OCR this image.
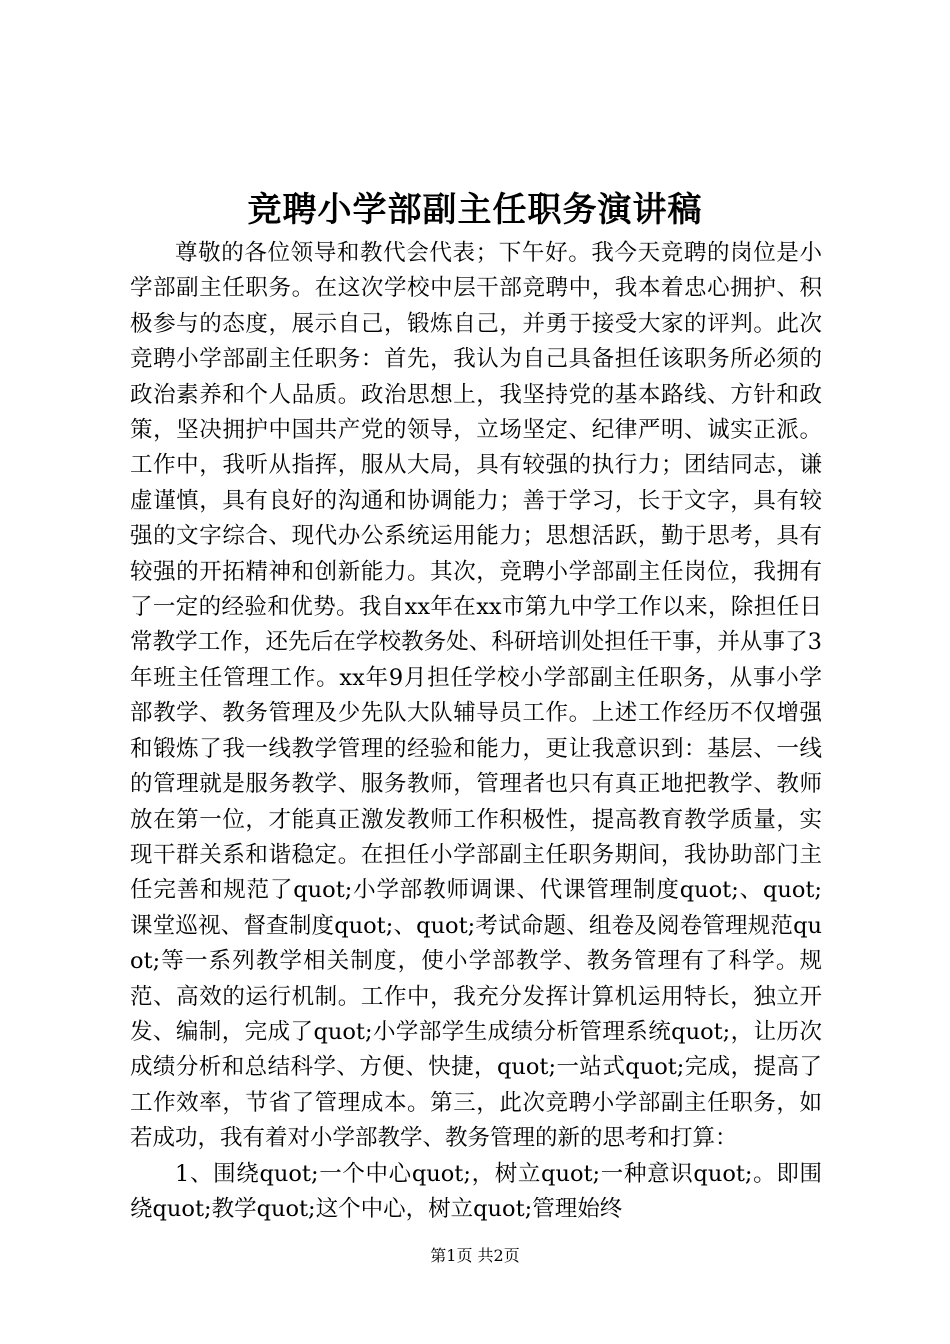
竞聘小学部副主任职务演讲稿

尊敬的各位领导和教代会代表；下午好。我今天竞聘的岗位是小学部副主任职务。在这次学校中层干部竞聘中，我本着忠心拥护、积极参与的态度，展示自己，锻炼自己，并勇于接受大家的评判。此次竞聘小学部副主任职务：首先，我认为自己具备担任该职务所必须的政治素养和个人品质。政治思想上，我坚持党的基本路线、方针和政策，坚决拥护中国共产党的领导，立场坚定、纪律严明、诚实正派。工作中，我听从指挥，服从大局，具有较强的执行力；团结同志，谦虚谨慎，具有良好的沟通和协调能力；善于学习，长于文字，具有较强的文字综合、现代办公系统运用能力；思想活跃，勤于思考，具有较强的开拓精神和创新能力。其次，竞聘小学部副主任岗位，我拥有了一定的经验和优势。我自xx年在xx市第九中学工作以来，除担任日常教学工作，还先后在学校教务处、科研培训处担任干事，并从事了3年班主任管理工作。xx年9月担任学校小学部副主任职务，从事小学部教学、教务管理及少先队大队辅导员工作。上述工作经历不仅增强和锻炼了我一线教学管理的经验和能力，更让我意识到：基层、一线的管理就是服务教学、服务教师，管理者也只有真正地把教学、教师放在第一位，才能真正激发教师工作积极性，提高教育教学质量，实现干群关系和谐稳定。在担任小学部副主任职务期间，我协助部门主任完善和规范了quot;小学部教师调课、代课管理制度quot;、quot;课堂巡视、督查制度quot;、quot;考试命题、组卷及阅卷管理规范quot;等一系列教学相关制度，使小学部教学、教务管理有了科学。规范、高效的运行机制。工作中，我充分发挥计算机运用特长，独立开发、编制，完成了quot;小学部学生成绩分析管理系统quot;，让历次成绩分析和总结科学、方便、快捷，quot;一站式quot;完成，提高了工作效率，节省了管理成本。第三，此次竞聘小学部副主任职务，如若成功，我有着对小学部教学、教务管理的新的思考和打算：

1、围绕quot;一个中心quot;，树立quot;一种意识quot;。即围绕quot;教学quot;这个中心，树立quot;管理始终

第1页 共2页
